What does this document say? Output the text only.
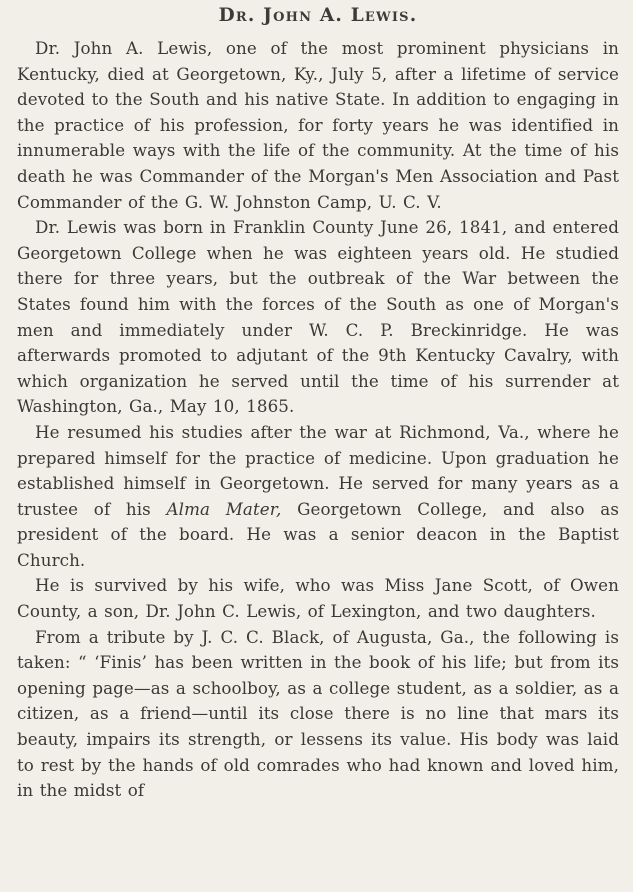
Dr. John A. Lewis.

Dr. John A. Lewis, one of the most prominent physicians in Kentucky, died at Georgetown, Ky., July 5, after a lifetime of service devoted to the South and his native State. In addition to engaging in the practice of his profession, for forty years he was identified in innumerable ways with the life of the community. At the time of his death he was Commander of the Morgan's Men Association and Past Commander of the G. W. Johnston Camp, U. C. V.

Dr. Lewis was born in Franklin County June 26, 1841, and entered Georgetown College when he was eighteen years old. He studied there for three years, but the outbreak of the War between the States found him with the forces of the South as one of Morgan's men and immediately under W. C. P. Breckinridge. He was afterwards promoted to adjutant of the 9th Kentucky Cavalry, with which organization he served until the time of his surrender at Washington, Ga., May 10, 1865.

He resumed his studies after the war at Richmond, Va., where he prepared himself for the practice of medicine. Upon graduation he established himself in Georgetown. He served for many years as a trustee of his Alma Mater, Georgetown College, and also as president of the board. He was a senior deacon in the Baptist Church.

He is survived by his wife, who was Miss Jane Scott, of Owen County, a son, Dr. John C. Lewis, of Lexington, and two daughters.

From a tribute by J. C. C. Black, of Augusta, Ga., the following is taken: “ ‘Finis’ has been written in the book of his life; but from its opening page—as a schoolboy, as a college student, as a soldier, as a citizen, as a friend—until its close there is no line that mars its beauty, impairs its strength, or lessens its value. His body was laid to rest by the hands of old comrades who had known and loved him, in the midst of
